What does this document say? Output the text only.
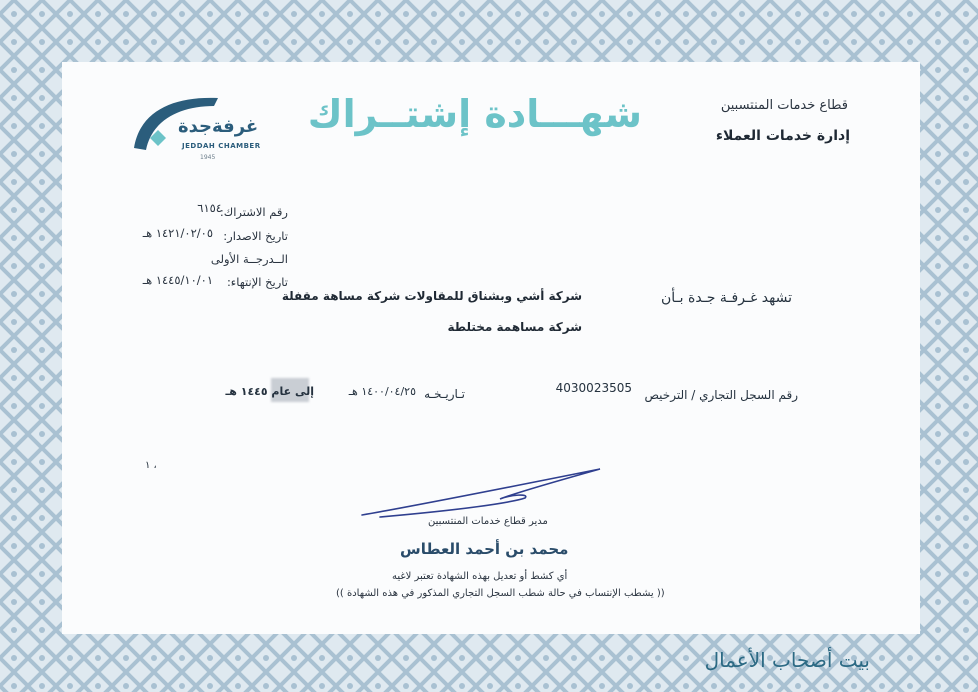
شهـــادة إشتــراك	قطاع خدمات المنتسبين
إدارة خدمات العملاء
غرفةجدة
JEDDAH CHAMBER
1945
رقم الاشتراك:
٦١٥٤
تاريخ الاصدار:
١٤٢١/٠٢/٠٥ هـ
الــدرجــة الأولى
تاريخ الإنتهاء:
١٤٤٥/١٠/٠١ هـ
تشهد غـرفـة جـدة بـأن
شركة أشي وبشناق للمقاولات شركة مساهة مقفلة
شركة مساهمة مختلطة
رقم السجل التجاري / الترخيص
4030023505
تـاريـخـه
١٤٠٠/٠٤/٢٥ هـ
إلى عام ١٤٤٥ هـ
١ ،
مدير قطاع خدمات المنتسبين
محمد بن أحمد العطاس
أي كشط أو تعديل بهذه الشهادة تعتبر لاغيه
(( يشطب الإنتساب في حالة شطب السجل التجاري المذكور في هذه الشهادة ))
بيت أصحاب الأعمال
